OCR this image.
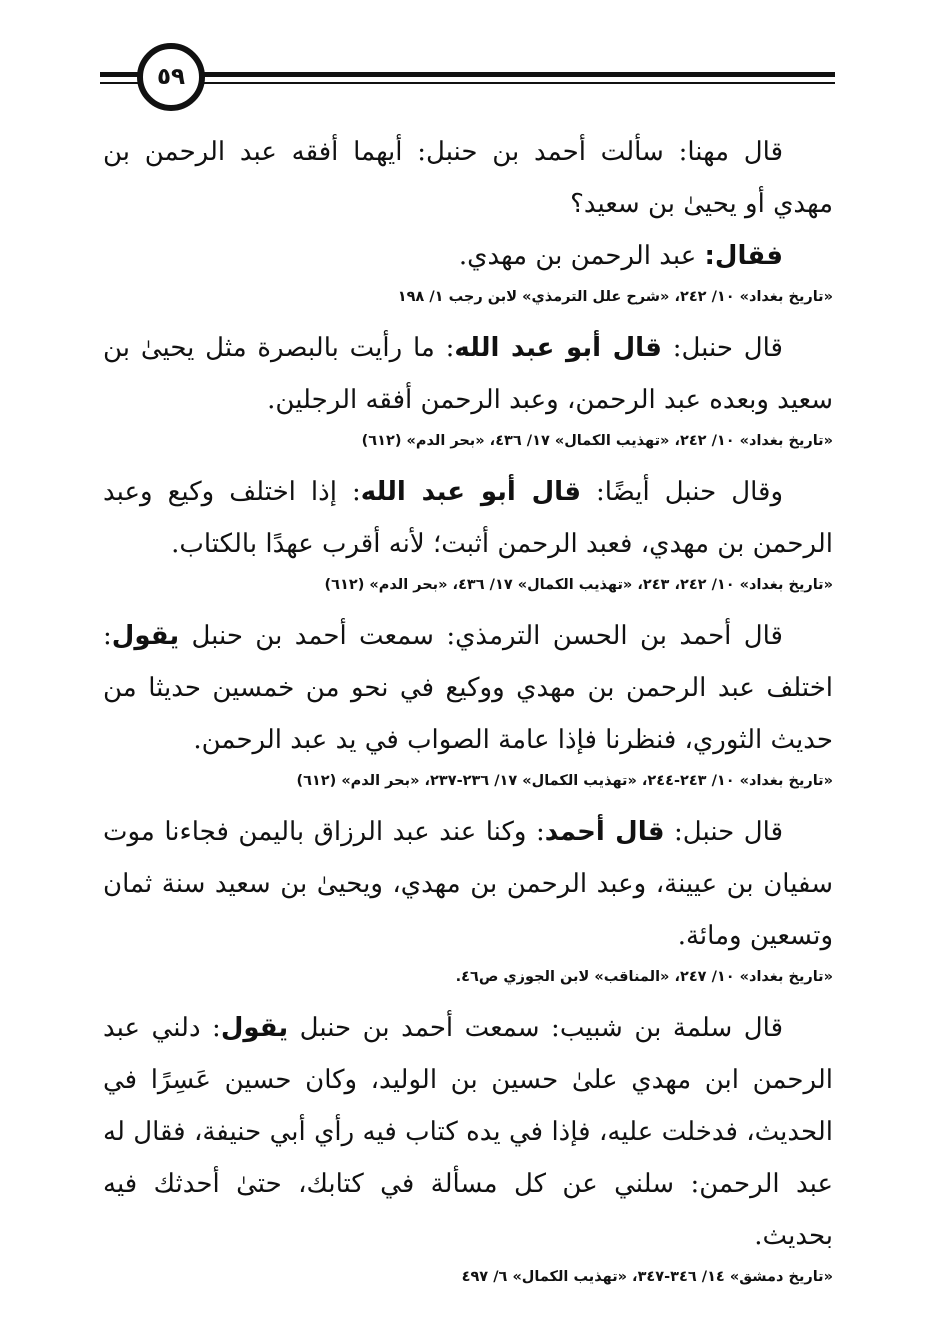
٥٩

قال مهنا: سألت أحمد بن حنبل: أيهما أفقه عبد الرحمن بن مهدي أو يحيىٰ بن سعيد؟

فقال: عبد الرحمن بن مهدي.

«تاريخ بغداد» ١٠/ ٢٤٢، «شرح علل الترمذي» لابن رجب ١/ ١٩٨

قال حنبل: قال أبو عبد الله: ما رأيت بالبصرة مثل يحيىٰ بن سعيد وبعده عبد الرحمن، وعبد الرحمن أفقه الرجلين.

«تاريخ بغداد» ١٠/ ٢٤٢، «تهذيب الكمال» ١٧/ ٤٣٦، «بحر الدم» (٦١٢)

وقال حنبل أيضًا: قال أبو عبد الله: إذا اختلف وكيع وعبد الرحمن بن مهدي، فعبد الرحمن أثبت؛ لأنه أقرب عهدًا بالكتاب.

«تاريخ بغداد» ١٠/ ٢٤٢، ٢٤٣، «تهذيب الكمال» ١٧/ ٤٣٦، «بحر الدم» (٦١٢)

قال أحمد بن الحسن الترمذي: سمعت أحمد بن حنبل يقول: اختلف عبد الرحمن بن مهدي ووكيع في نحو من خمسين حديثا من حديث الثوري، فنظرنا فإذا عامة الصواب في يد عبد الرحمن.

«تاريخ بغداد» ١٠/ ٢٤٣-٢٤٤، «تهذيب الكمال» ١٧/ ٢٣٦-٢٣٧، «بحر الدم» (٦١٢)

قال حنبل: قال أحمد: وكنا عند عبد الرزاق باليمن فجاءنا موت سفيان بن عيينة، وعبد الرحمن بن مهدي، ويحيىٰ بن سعيد سنة ثمان وتسعين ومائة.

«تاريخ بغداد» ١٠/ ٢٤٧، «المناقب» لابن الجوزي ص٤٦.

قال سلمة بن شبيب: سمعت أحمد بن حنبل يقول: دلني عبد الرحمن ابن مهدي علىٰ حسين بن الوليد، وكان حسين عَسِرًا في الحديث، فدخلت عليه، فإذا في يده كتاب فيه رأي أبي حنيفة، فقال له عبد الرحمن: سلني عن كل مسألة في كتابك، حتىٰ أحدثك فيه بحديث.

«تاريخ دمشق» ١٤/ ٣٤٦-٣٤٧، «تهذيب الكمال» ٦/ ٤٩٧
